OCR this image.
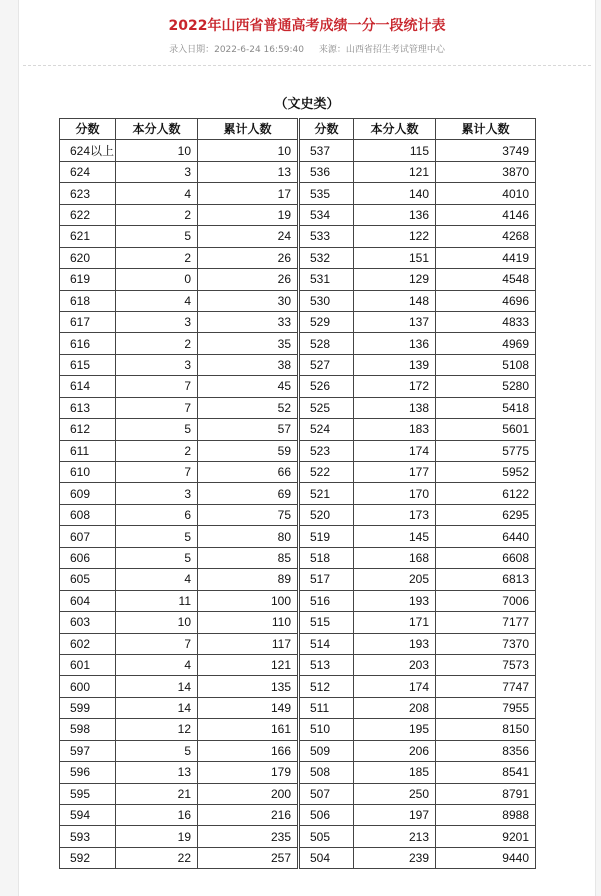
2022年山西省普通高考成绩一分一段统计表
录入日期：2022-6-24 16:59:40 来源：山西省招生考试管理中心
（文史类）
分数	本分人数	累计人数
624以上	10	10
624	3	13
623	4	17
622	2	19
621	5	24
620	2	26
619	0	26
618	4	30
617	3	33
616	2	35
615	3	38
614	7	45
613	7	52
612	5	57
611	2	59
610	7	66
609	3	69
608	6	75
607	5	80
606	5	85
605	4	89
604	11	100
603	10	110
602	7	117
601	4	121
600	14	135
599	14	149
598	12	161
597	5	166
596	13	179
595	21	200
594	16	216
593	19	235
592	22	257
分数	本分人数	累计人数
537	115	3749
536	121	3870
535	140	4010
534	136	4146
533	122	4268
532	151	4419
531	129	4548
530	148	4696
529	137	4833
528	136	4969
527	139	5108
526	172	5280
525	138	5418
524	183	5601
523	174	5775
522	177	5952
521	170	6122
520	173	6295
519	145	6440
518	168	6608
517	205	6813
516	193	7006
515	171	7177
514	193	7370
513	203	7573
512	174	7747
511	208	7955
510	195	8150
509	206	8356
508	185	8541
507	250	8791
506	197	8988
505	213	9201
504	239	9440
